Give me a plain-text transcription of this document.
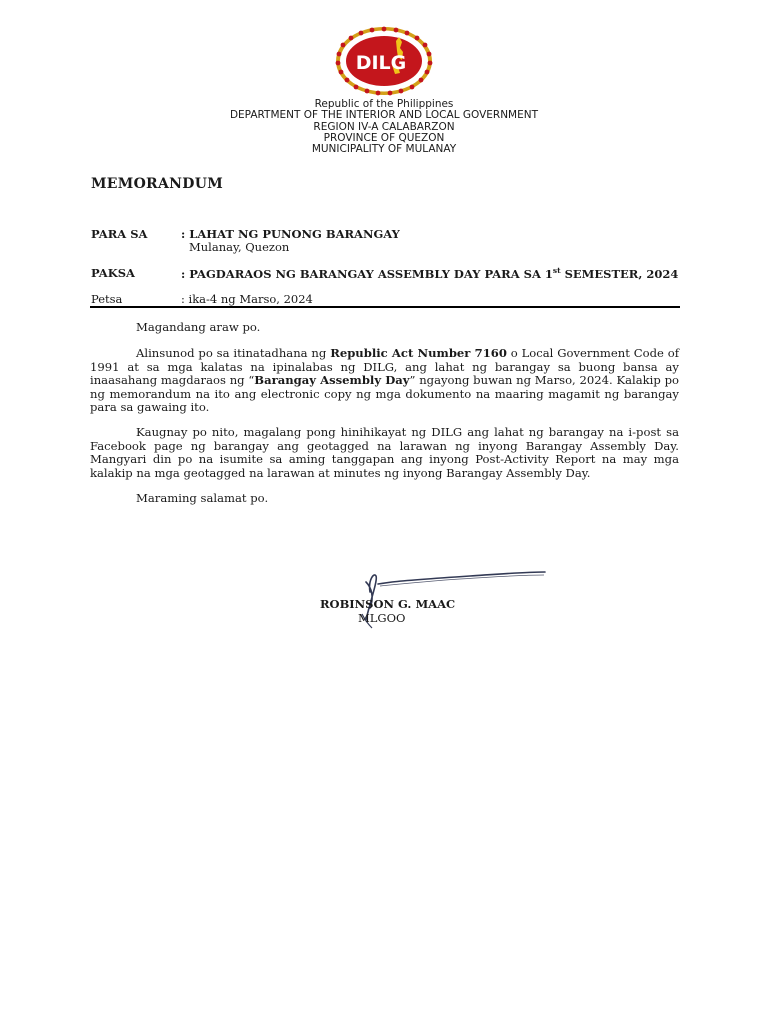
DILG
Republic of the Philippines
DEPARTMENT OF THE INTERIOR AND LOCAL GOVERNMENT
REGION IV-A CALABARZON
PROVINCE OF QUEZON
MUNICIPALITY OF MULANAY
MEMORANDUM
PARA SA	: LAHAT NG PUNONG BARANGAY
Mulanay, Quezon
PAKSA	: PAGDARAOS NG BARANGAY ASSEMBLY DAY PARA SA 1st SEMESTER, 2024
Petsa	: ika-4 ng Marso, 2024
Magandang araw po.
Alinsunod po sa itinatadhana ng Republic Act Number 7160 o Local Government Code of 1991 at sa mga kalatas na ipinalabas ng DILG, ang lahat ng barangay sa buong bansa ay inaasahang magdaraos ng “Barangay Assembly Day” ngayong buwan ng Marso, 2024. Kalakip po ng memorandum na ito ang electronic copy ng mga dokumento na maaring magamit ng barangay para sa gawaing ito.
Kaugnay po nito, magalang pong hinihikayat ng DILG ang lahat ng barangay na i-post sa Facebook page ng barangay ang geotagged na larawan ng inyong Barangay Assembly Day. Mangyari din po na isumite sa aming tanggapan ang inyong Post-Activity Report na may mga kalakip na mga geotagged na larawan at minutes ng inyong Barangay Assembly Day.
Maraming salamat po.
ROBINSON G. MAAC
MLGOO
